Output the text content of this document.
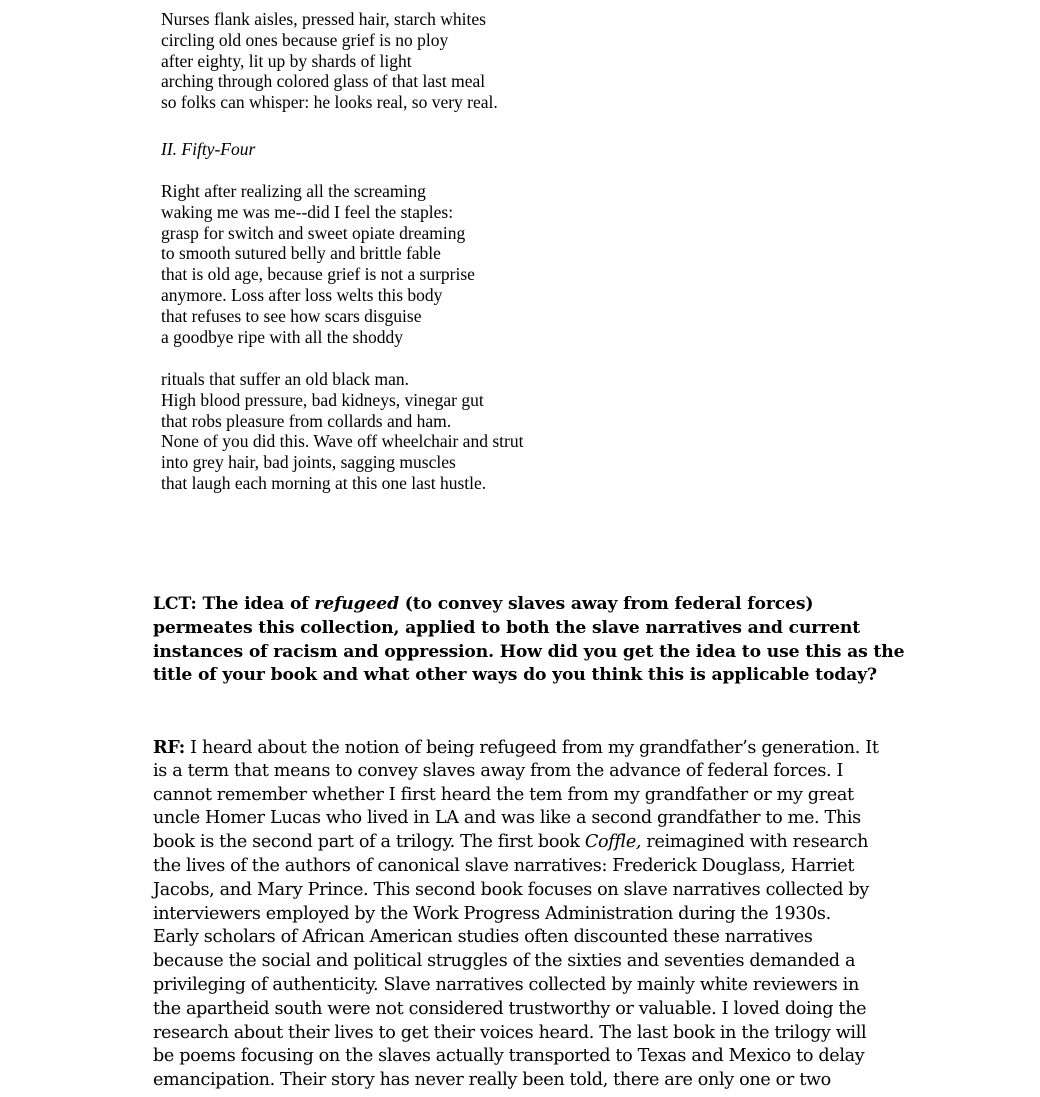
Nurses flank aisles, pressed hair, starch whites
circling old ones because grief is no ploy
after eighty, lit up by shards of light
arching through colored glass of that last meal
so folks can whisper: he looks real, so very real.
II. Fifty-Four
Right after realizing all the screaming
waking me was me--did I feel the staples:
grasp for switch and sweet opiate dreaming
to smooth sutured belly and brittle fable
that is old age, because grief is not a surprise
anymore. Loss after loss welts this body
that refuses to see how scars disguise
a goodbye ripe with all the shoddy
rituals that suffer an old black man.
High blood pressure, bad kidneys, vinegar gut
that robs pleasure from collards and ham.
None of you did this. Wave off wheelchair and strut
into grey hair, bad joints, sagging muscles
that laugh each morning at this one last hustle.
LCT: The idea of refugeed (to convey slaves away from federal forces)
permeates this collection, applied to both the slave narratives and current
instances of racism and oppression. How did you get the idea to use this as the
title of your book and what other ways do you think this is applicable today?
RF: I heard about the notion of being refugeed from my grandfather’s generation. It
is a term that means to convey slaves away from the advance of federal forces. I
cannot remember whether I first heard the tem from my grandfather or my great
uncle Homer Lucas who lived in LA and was like a second grandfather to me. This
book is the second part of a trilogy. The first book Coffle, reimagined with research
the lives of the authors of canonical slave narratives: Frederick Douglass, Harriet
Jacobs, and Mary Prince. This second book focuses on slave narratives collected by
interviewers employed by the Work Progress Administration during the 1930s.
Early scholars of African American studies often discounted these narratives
because the social and political struggles of the sixties and seventies demanded a
privileging of authenticity. Slave narratives collected by mainly white reviewers in
the apartheid south were not considered trustworthy or valuable. I loved doing the
research about their lives to get their voices heard. The last book in the trilogy will
be poems focusing on the slaves actually transported to Texas and Mexico to delay
emancipation. Their story has never really been told, there are only one or two
